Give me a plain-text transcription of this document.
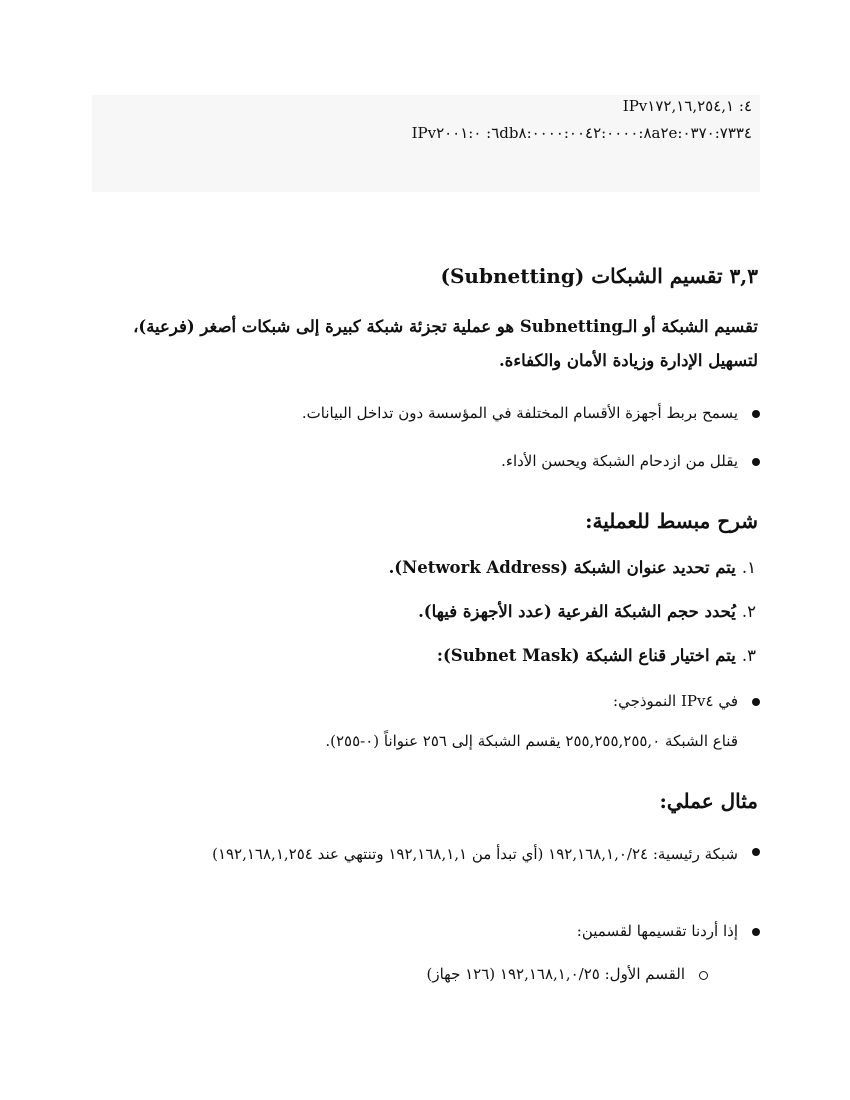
IPv٤: ١٧٢,١٦,٢٥٤,١
IPv٦: ٢٠٠١:٠db٨:٠٠٠٠:٠٠٤٢:٠٠٠٠:٨a٢e:٠٣٧٠:٧٣٣٤
٣,٣ تقسيم الشبكات (Subnetting)
تقسيم الشبكة أو الـSubnetting هو عملية تجزئة شبكة كبيرة إلى شبكات أصغر (فرعية)، لتسهيل الإدارة وزيادة الأمان والكفاءة.
يسمح بربط أجهزة الأقسام المختلفة في المؤسسة دون تداخل البيانات.
يقلل من ازدحام الشبكة ويحسن الأداء.
شرح مبسط للعملية:
١.يتم تحديد عنوان الشبكة (Network Address).
٢.يُحدد حجم الشبكة الفرعية (عدد الأجهزة فيها).
٣.يتم اختيار قناع الشبكة (Subnet Mask):
في IPv٤ النموذجي:
قناع الشبكة ٢٥٥,٢٥٥,٢٥٥,٠ يقسم الشبكة إلى ٢٥٦ عنواناً (٠-٢٥٥).
مثال عملي:
شبكة رئيسية: ١٩٢,١٦٨,١,٠/٢٤ (أي تبدأ من ١٩٢,١٦٨,١,١ وتنتهي عند ١٩٢,١٦٨,١,٢٥٤)
إذا أردنا تقسيمها لقسمين:
القسم الأول: ١٩٢,١٦٨,١,٠/٢٥ (١٢٦ جهاز)
